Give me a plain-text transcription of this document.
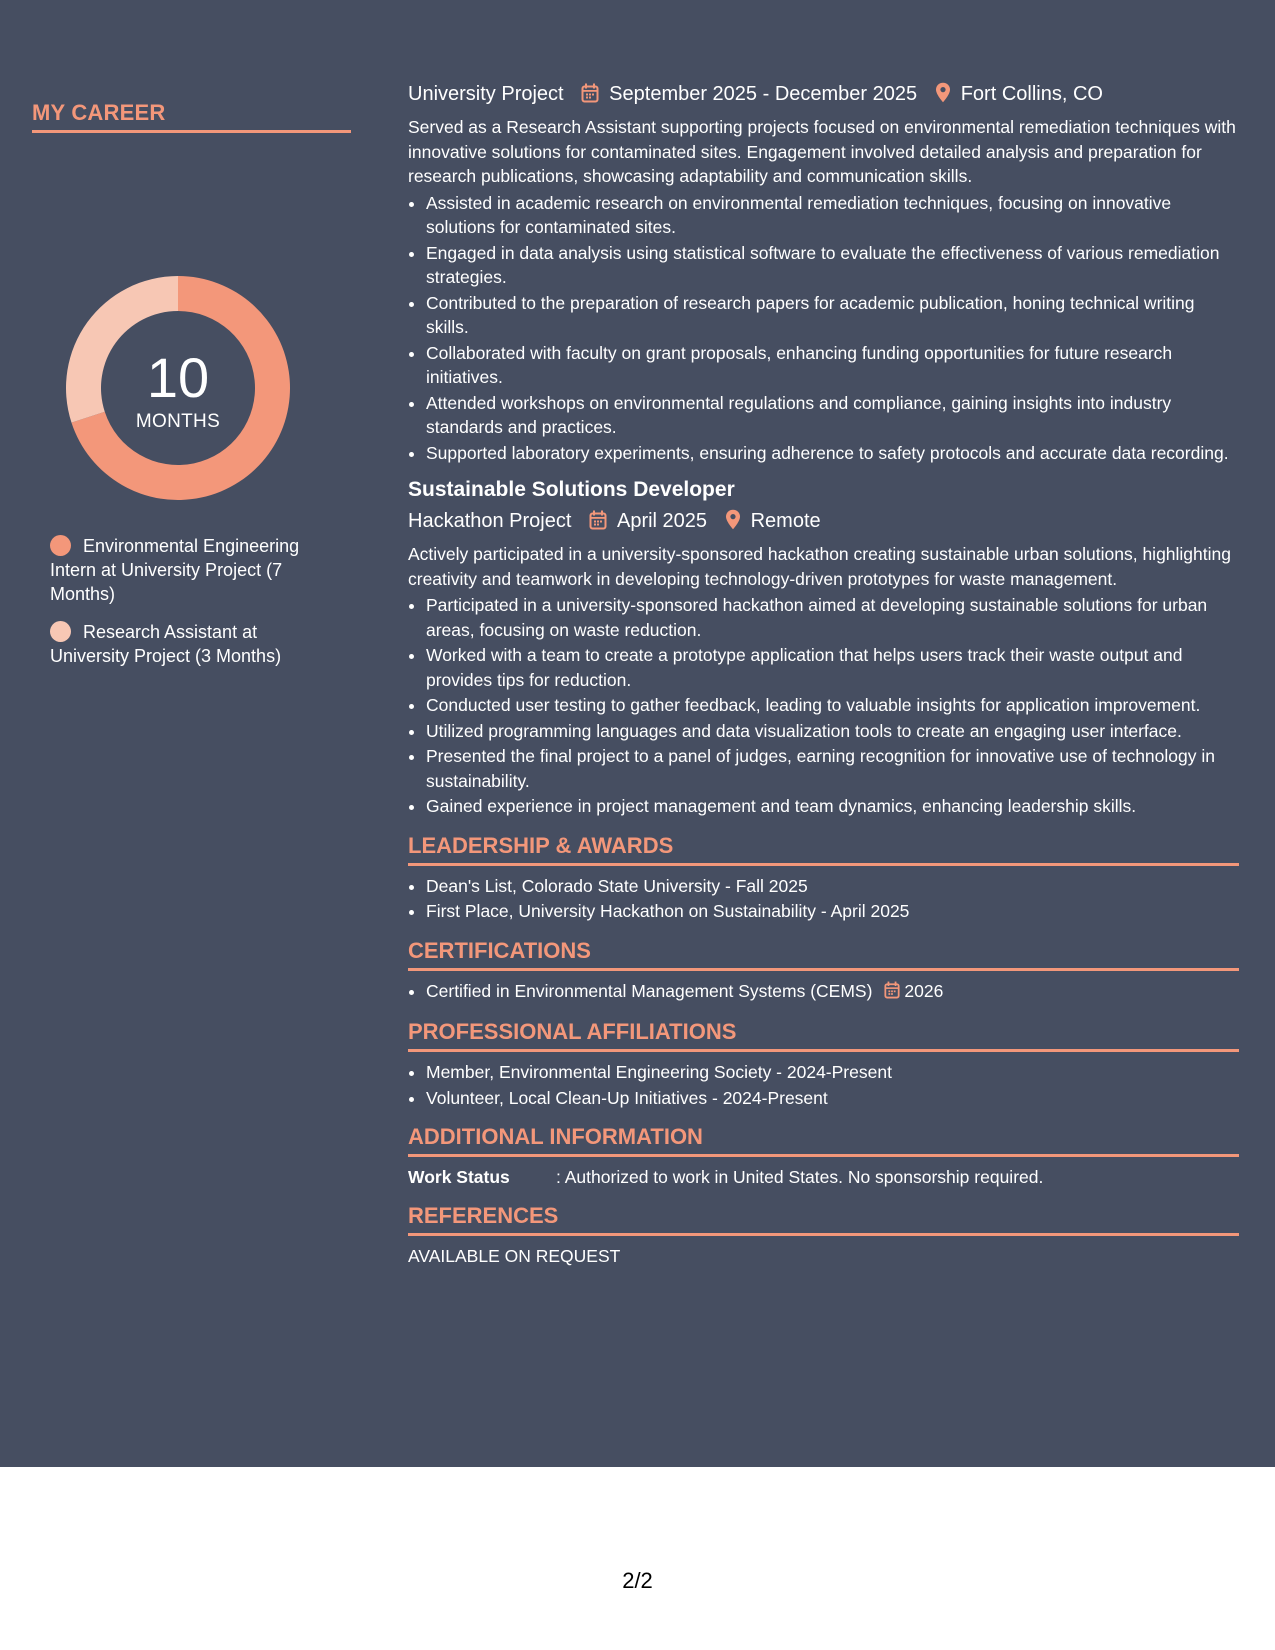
MY CAREER
10
MONTHS
Environmental Engineering Intern at University Project (7 Months)
Research Assistant at University Project (3 Months)
University Project September 2025 - December 2025 Fort Collins, CO
Served as a Research Assistant supporting projects focused on environmental remediation techniques with innovative solutions for contaminated sites. Engagement involved detailed analysis and preparation for research publications, showcasing adaptability and communication skills.
• Assisted in academic research on environmental remediation techniques, focusing on innovative solutions for contaminated sites.
• Engaged in data analysis using statistical software to evaluate the effectiveness of various remediation strategies.
• Contributed to the preparation of research papers for academic publication, honing technical writing skills.
• Collaborated with faculty on grant proposals, enhancing funding opportunities for future research initiatives.
• Attended workshops on environmental regulations and compliance, gaining insights into industry standards and practices.
• Supported laboratory experiments, ensuring adherence to safety protocols and accurate data recording.
Sustainable Solutions Developer
Hackathon Project April 2025 Remote
Actively participated in a university-sponsored hackathon creating sustainable urban solutions, highlighting creativity and teamwork in developing technology-driven prototypes for waste management.
• Participated in a university-sponsored hackathon aimed at developing sustainable solutions for urban areas, focusing on waste reduction.
• Worked with a team to create a prototype application that helps users track their waste output and provides tips for reduction.
• Conducted user testing to gather feedback, leading to valuable insights for application improvement.
• Utilized programming languages and data visualization tools to create an engaging user interface.
• Presented the final project to a panel of judges, earning recognition for innovative use of technology in sustainability.
• Gained experience in project management and team dynamics, enhancing leadership skills.
LEADERSHIP & AWARDS
• Dean's List, Colorado State University - Fall 2025
• First Place, University Hackathon on Sustainability - April 2025
CERTIFICATIONS
• Certified in Environmental Management Systems (CEMS) 2026
PROFESSIONAL AFFILIATIONS
• Member, Environmental Engineering Society - 2024-Present
• Volunteer, Local Clean-Up Initiatives - 2024-Present
ADDITIONAL INFORMATION
Work Status	: Authorized to work in United States. No sponsorship required.
REFERENCES
AVAILABLE ON REQUEST
2/2
